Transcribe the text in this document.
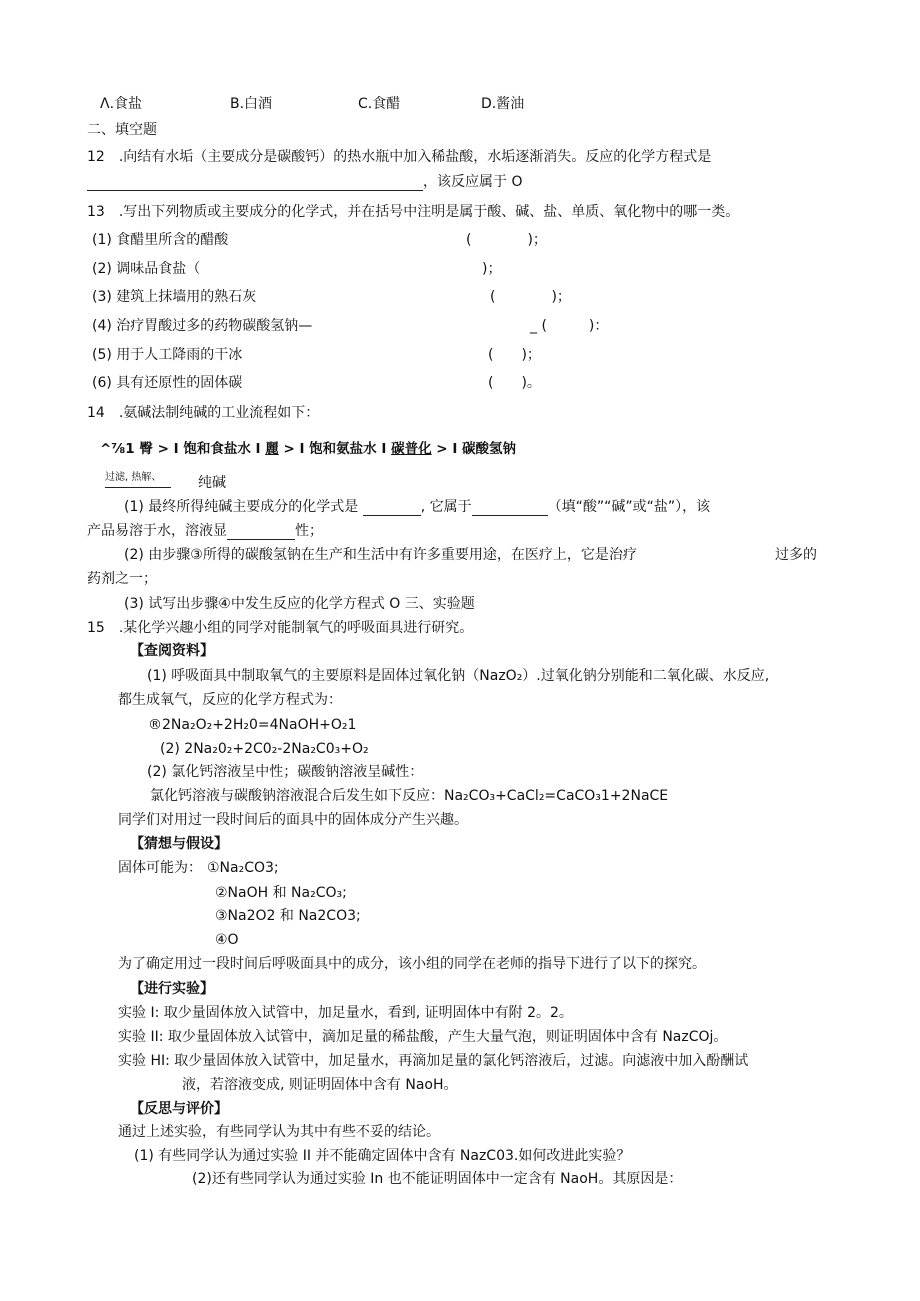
Λ.食盐	B.白酒	C.食醋	D.酱油
二、填空题
12　.向结有水垢（主要成分是碳酸钙）的热水瓶中加入稀盐酸，水垢逐渐消失。反应的化学方程式是
，该反应属于 O
13　.写出下列物质或主要成分的化学式，并在括号中注明是属于酸、碱、盐、单质、氧化物中的哪一类。
(1) 食醋里所含的醋酸	(　　　　)；
(2) 调味品食盐（	)；
(3) 建筑上抹墙用的熟石灰	(　　　　)；
(4) 治疗胃酸过多的药物碳酸氢钠—	_ (　　　)：
(5) 用于人工降雨的干冰	(　　)；
(6) 具有还原性的固体碳	(　　)。
14　.氨碱法制纯碱的工业流程如下：
^⅞1 臀 > I 饱和食盐水 I 麗 > I 饱和氨盐水 I 碳普化 > I 碳酸氢钠
过滤, 热解、	纯碱
(1) 最终所得纯碱主要成分的化学式是	, 它属于	（填“酸”“碱”或“盐”），该
产品易溶于水，溶液显	性；
(2) 由步骤③所得的碳酸氢钠在生产和生活中有许多重要用途，在医疗上，它是治疗	过多的
药剂之一；
(3) 试写出步骤④中发生反应的化学方程式 O 三、实验题
15　.某化学兴趣小组的同学对能制氧气的呼吸面具进行研究。
【查阅资料】
(1) 呼吸面具中制取氧气的主要原料是固体过氧化钠（NazO₂）.过氧化钠分别能和二氧化碳、水反应,
都生成氧气，反应的化学方程式为：
®2Na₂O₂+2H₂0=4NaOH+O₂1
(2) 2Na₂0₂+2C0₂-2Na₂C0₃+O₂
(2) 氯化钙溶液呈中性；碳酸钠溶液呈碱性：
氯化钙溶液与碳酸钠溶液混合后发生如下反应：Na₂CO₃+CaCl₂=CaCO₃1+2NaCE
同学们对用过一段时间后的面具中的固体成分产生兴趣。
【猜想与假设】
固体可能为： ①Na₂CO3;
②NaOH 和 Na₂CO₃;
③Na2O2 和 Na2CO3;
④O
为了确定用过一段时间后呼吸面具中的成分，该小组的同学在老师的指导下进行了以下的探究。
【进行实验】
实验 I: 取少量固体放入试管中，加足量水，看到, 证明固体中有附 2。2。
实验 II: 取少量固体放入试管中，滴加足量的稀盐酸，产生大量气泡，则证明固体中含有 NazCOj。
实验 HI: 取少量固体放入试管中，加足量水，再滴加足量的氯化钙溶液后，过滤。向滤液中加入酚酬试
液，若溶液变成, 则证明固体中含有 NaoH。
【反思与评价】
通过上述实验，有些同学认为其中有些不妥的结论。
(1) 有些同学认为通过实验 II 并不能确定固体中含有 NazC03.如何改进此实验？
(2)还有些同学认为通过实验 In 也不能证明固体中一定含有 NaoH。其原因是：
